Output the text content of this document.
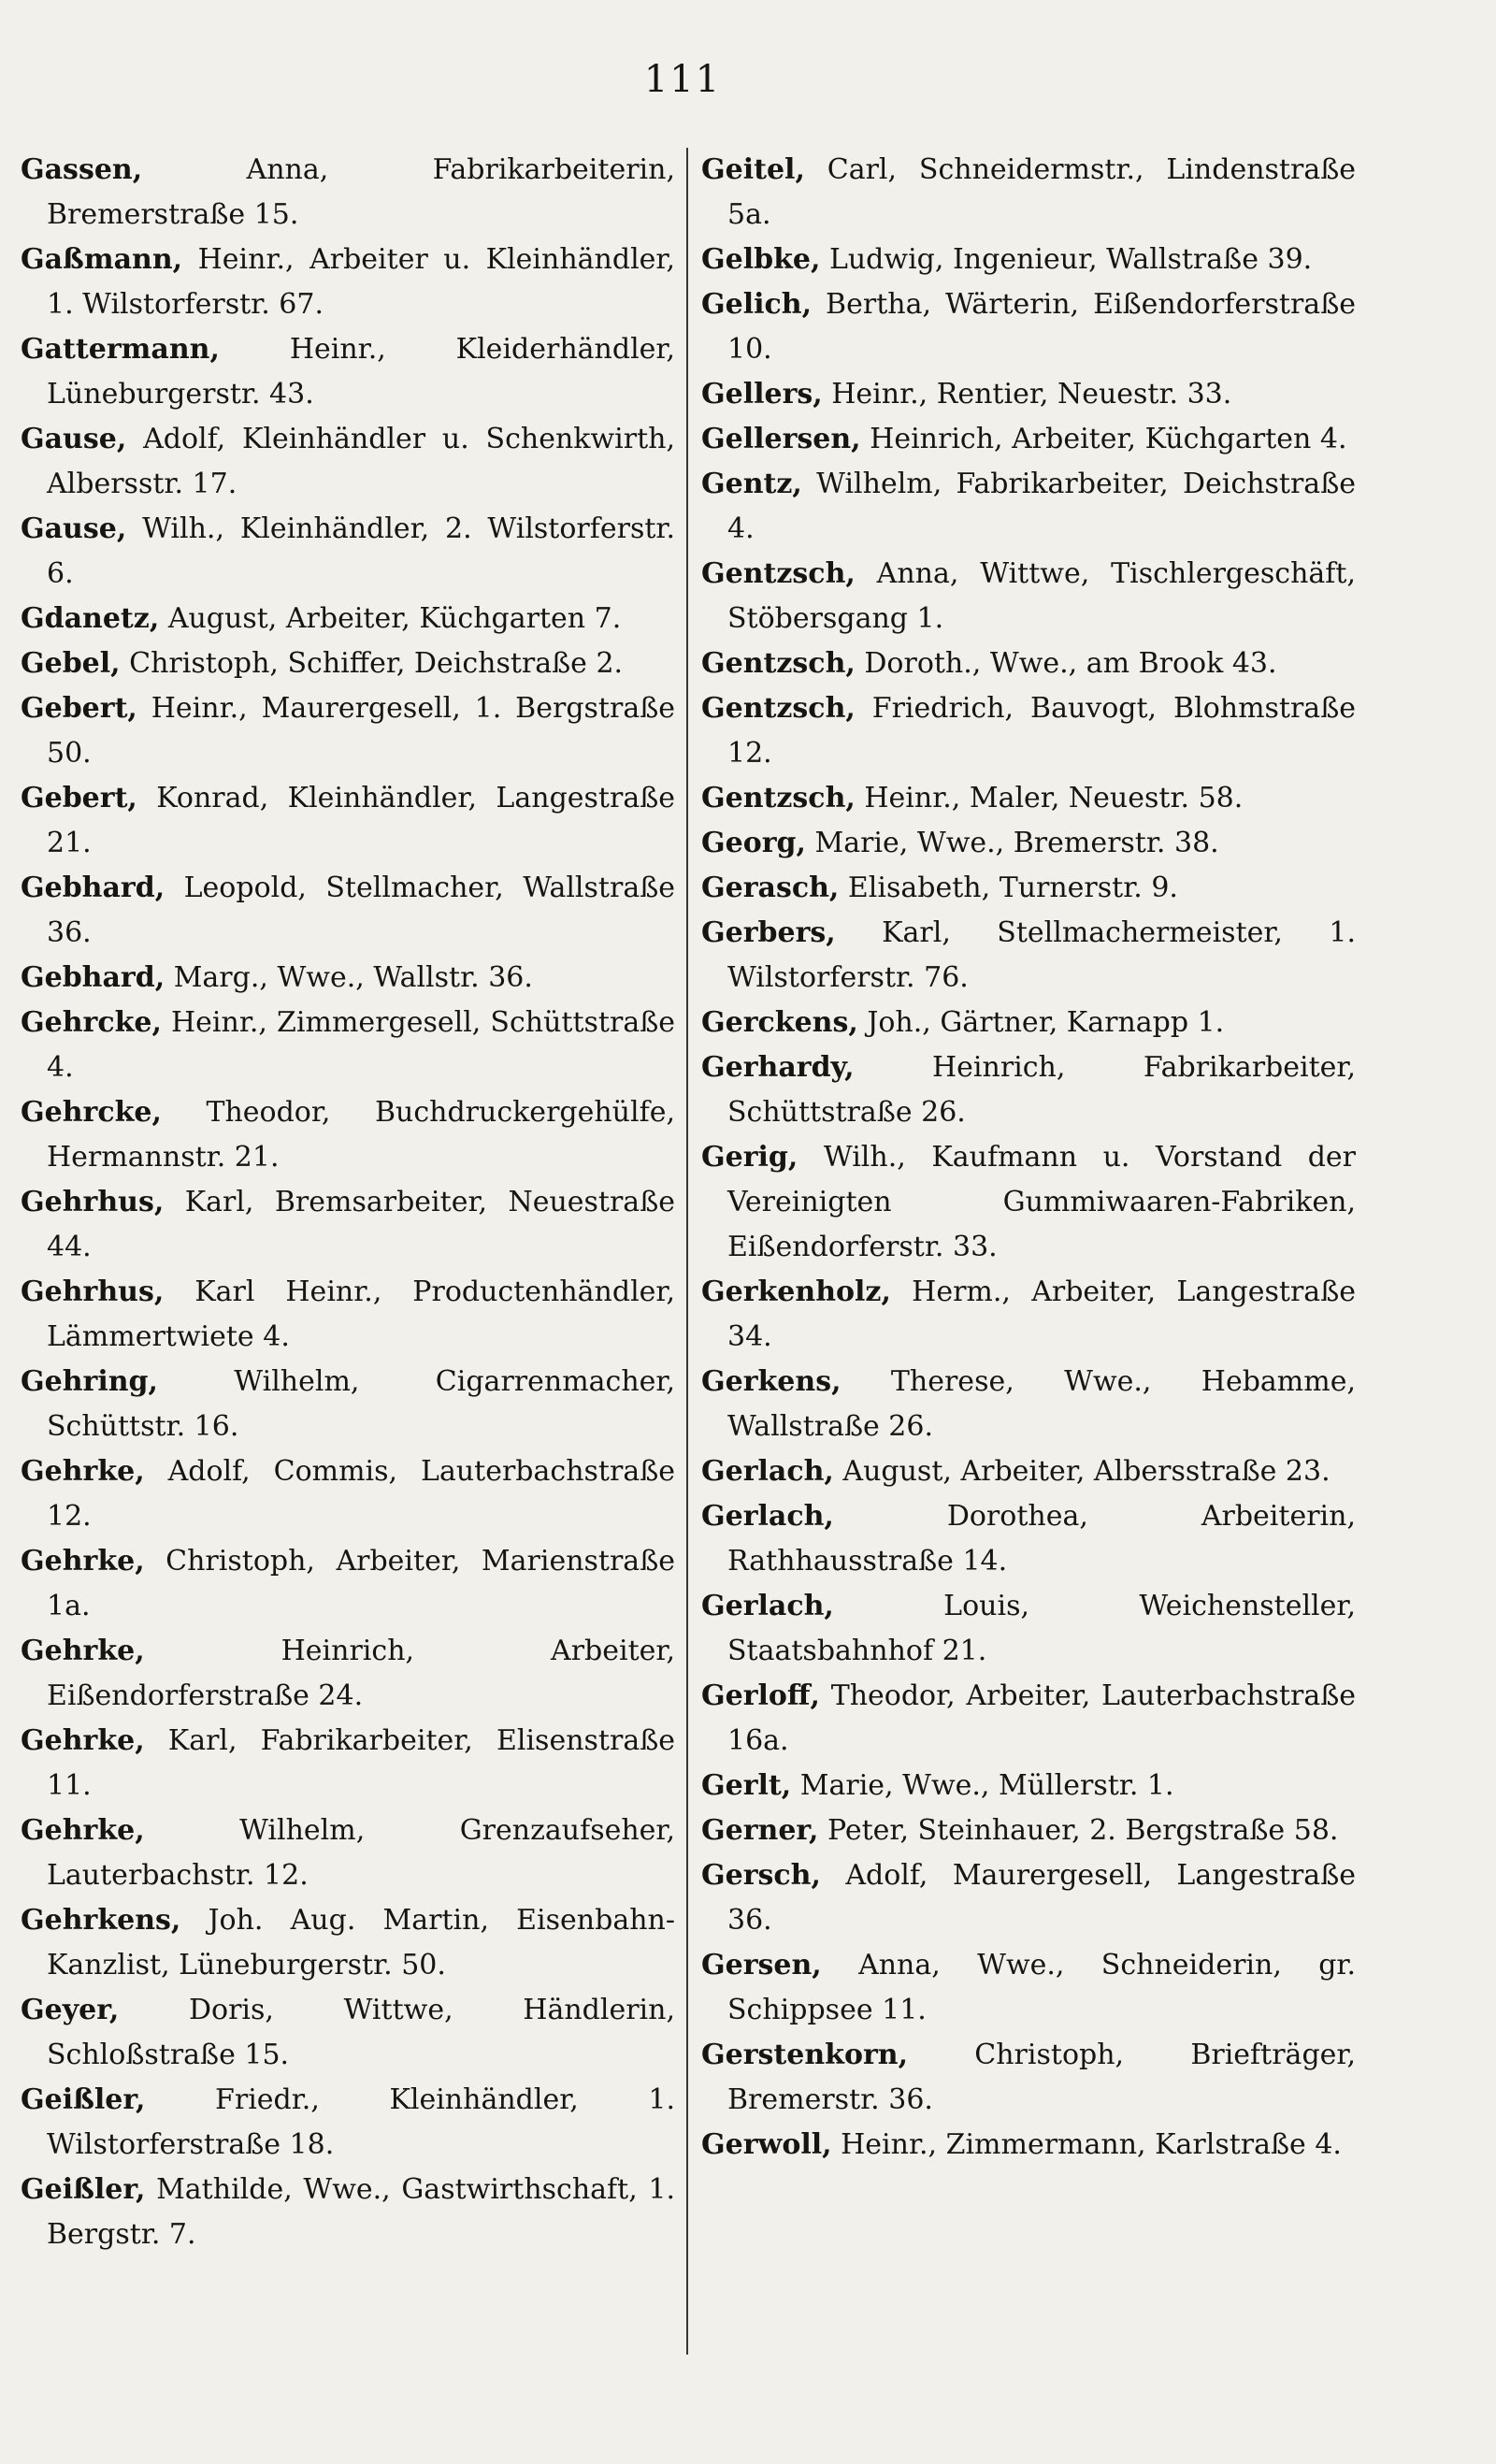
111

Gassen, Anna, Fabrikarbeiterin, Bremerstraße 15.

Gaßmann, Heinr., Arbeiter u. Kleinhändler, 1. Wilstorferstr. 67.

Gattermann, Heinr., Kleiderhändler, Lüneburgerstr. 43.

Gause, Adolf, Kleinhändler u. Schenkwirth, Albersstr. 17.

Gause, Wilh., Kleinhändler, 2. Wilstorferstr. 6.

Gdanetz, August, Arbeiter, Küchgarten 7.

Gebel, Christoph, Schiffer, Deichstraße 2.

Gebert, Heinr., Maurergesell, 1. Bergstraße 50.

Gebert, Konrad, Kleinhändler, Langestraße 21.

Gebhard, Leopold, Stellmacher, Wallstraße 36.

Gebhard, Marg., Wwe., Wallstr. 36.

Gehrcke, Heinr., Zimmergesell, Schüttstraße 4.

Gehrcke, Theodor, Buchdruckergehülfe, Hermannstr. 21.

Gehrhus, Karl, Bremsarbeiter, Neuestraße 44.

Gehrhus, Karl Heinr., Productenhändler, Lämmertwiete 4.

Gehring, Wilhelm, Cigarrenmacher, Schüttstr. 16.

Gehrke, Adolf, Commis, Lauterbachstraße 12.

Gehrke, Christoph, Arbeiter, Marienstraße 1a.

Gehrke, Heinrich, Arbeiter, Eißendorferstraße 24.

Gehrke, Karl, Fabrikarbeiter, Elisenstraße 11.

Gehrke, Wilhelm, Grenzaufseher, Lauterbachstr. 12.

Gehrkens, Joh. Aug. Martin, Eisenbahn-Kanzlist, Lüneburgerstr. 50.

Geyer, Doris, Wittwe, Händlerin, Schloßstraße 15.

Geißler, Friedr., Kleinhändler, 1. Wilstorferstraße 18.

Geißler, Mathilde, Wwe., Gastwirthschaft, 1. Bergstr. 7.

Geitel, Carl, Schneidermstr., Lindenstraße 5a.

Gelbke, Ludwig, Ingenieur, Wallstraße 39.

Gelich, Bertha, Wärterin, Eißendorferstraße 10.

Gellers, Heinr., Rentier, Neuestr. 33.

Gellersen, Heinrich, Arbeiter, Küchgarten 4.

Gentz, Wilhelm, Fabrikarbeiter, Deichstraße 4.

Gentzsch, Anna, Wittwe, Tischlergeschäft, Stöbersgang 1.

Gentzsch, Doroth., Wwe., am Brook 43.

Gentzsch, Friedrich, Bauvogt, Blohmstraße 12.

Gentzsch, Heinr., Maler, Neuestr. 58.

Georg, Marie, Wwe., Bremerstr. 38.

Gerasch, Elisabeth, Turnerstr. 9.

Gerbers, Karl, Stellmachermeister, 1. Wilstorferstr. 76.

Gerckens, Joh., Gärtner, Karnapp 1.

Gerhardy, Heinrich, Fabrikarbeiter, Schüttstraße 26.

Gerig, Wilh., Kaufmann u. Vorstand der Vereinigten Gummiwaaren-Fabriken, Eißendorferstr. 33.

Gerkenholz, Herm., Arbeiter, Langestraße 34.

Gerkens, Therese, Wwe., Hebamme, Wallstraße 26.

Gerlach, August, Arbeiter, Albersstraße 23.

Gerlach, Dorothea, Arbeiterin, Rathhausstraße 14.

Gerlach, Louis, Weichensteller, Staatsbahnhof 21.

Gerloff, Theodor, Arbeiter, Lauterbachstraße 16a.

Gerlt, Marie, Wwe., Müllerstr. 1.

Gerner, Peter, Steinhauer, 2. Bergstraße 58.

Gersch, Adolf, Maurergesell, Langestraße 36.

Gersen, Anna, Wwe., Schneiderin, gr. Schippsee 11.

Gerstenkorn, Christoph, Briefträger, Bremerstr. 36.

Gerwoll, Heinr., Zimmermann, Karlstraße 4.
